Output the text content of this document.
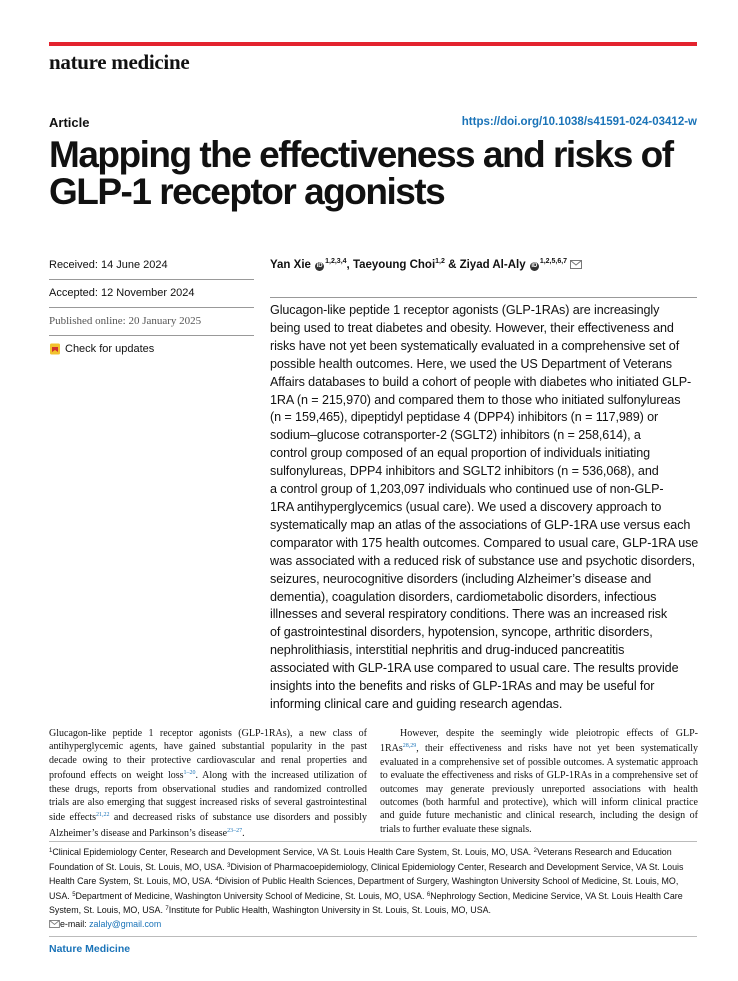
nature medicine
Article	https://doi.org/10.1038/s41591-024-03412-w
Mapping the effectiveness and risks of GLP-1 receptor agonists
Received: 14 June 2024
Accepted: 12 November 2024
Published online: 20 January 2025
Check for updates
Yan Xie iD$^{1,2,3,4}$, Taeyoung Choi$^{1,2}$ & Ziyad Al-Aly iD$^{1,2,5,6,7}$
Glucagon-like peptide 1 receptor agonists (GLP-1RAs) are increasingly
being used to treat diabetes and obesity. However, their effectiveness and
risks have not yet been systematically evaluated in a comprehensive set of
possible health outcomes. Here, we used the US Department of Veterans
Affairs databases to build a cohort of people with diabetes who initiated GLP-
1RA (n = 215,970) and compared them to those who initiated sulfonylureas
(n = 159,465), dipeptidyl peptidase 4 (DPP4) inhibitors (n = 117,989) or
sodium–glucose cotransporter-2 (SGLT2) inhibitors (n = 258,614), a
control group composed of an equal proportion of individuals initiating
sulfonylureas, DPP4 inhibitors and SGLT2 inhibitors (n = 536,068), and
a control group of 1,203,097 individuals who continued use of non-GLP-
1RA antihyperglycemics (usual care). We used a discovery approach to
systematically map an atlas of the associations of GLP-1RA use versus each
comparator with 175 health outcomes. Compared to usual care, GLP-1RA use
was associated with a reduced risk of substance use and psychotic disorders,
seizures, neurocognitive disorders (including Alzheimer’s disease and
dementia), coagulation disorders, cardiometabolic disorders, infectious
illnesses and several respiratory conditions. There was an increased risk
of gastrointestinal disorders, hypotension, syncope, arthritic disorders,
nephrolithiasis, interstitial nephritis and drug-induced pancreatitis
associated with GLP-1RA use compared to usual care. The results provide
insights into the benefits and risks of GLP-1RAs and may be useful for
informing clinical care and guiding research agendas.
Glucagon-like peptide 1 receptor agonists (GLP-1RAs), a new class of antihyperglycemic agents, have gained substantial popularity in the past decade owing to their protective cardiovascular and renal properties and profound effects on weight loss$^{1-20}$. Along with the increased utilization of these drugs, reports from observational studies and randomized controlled trials are also emerging that suggest increased risks of several gastrointestinal side effects$^{21,22}$ and decreased risks of substance use disorders and possibly Alzheimer’s disease and Parkinson’s disease$^{23-27}$.
However, despite the seemingly wide pleiotropic effects of GLP-1RAs$^{28,29}$, their effectiveness and risks have not yet been systematically evaluated in a comprehensive set of possible outcomes. A systematic approach to evaluate the effectiveness and risks of GLP-1RAs in a comprehensive set of outcomes may generate previously unreported associations with health outcomes (both harmful and protective), which will inform clinical practice and guide future mechanistic and clinical research, including the design of trials to further evaluate these signals.
$^1$Clinical Epidemiology Center, Research and Development Service, VA St. Louis Health Care System, St. Louis, MO, USA. $^2$Veterans Research and Education Foundation of St. Louis, St. Louis, MO, USA. $^3$Division of Pharmacoepidemiology, Clinical Epidemiology Center, Research and Development Service, VA St. Louis Health Care System, St. Louis, MO, USA. $^4$Division of Public Health Sciences, Department of Surgery, Washington University School of Medicine, St. Louis, MO, USA. $^5$Department of Medicine, Washington University School of Medicine, St. Louis, MO, USA. $^6$Nephrology Section, Medicine Service, VA St. Louis Health Care System, St. Louis, MO, USA. $^7$Institute for Public Health, Washington University in St. Louis, St. Louis, MO, USA.
e-mail: zalaly@gmail.com
Nature Medicine
